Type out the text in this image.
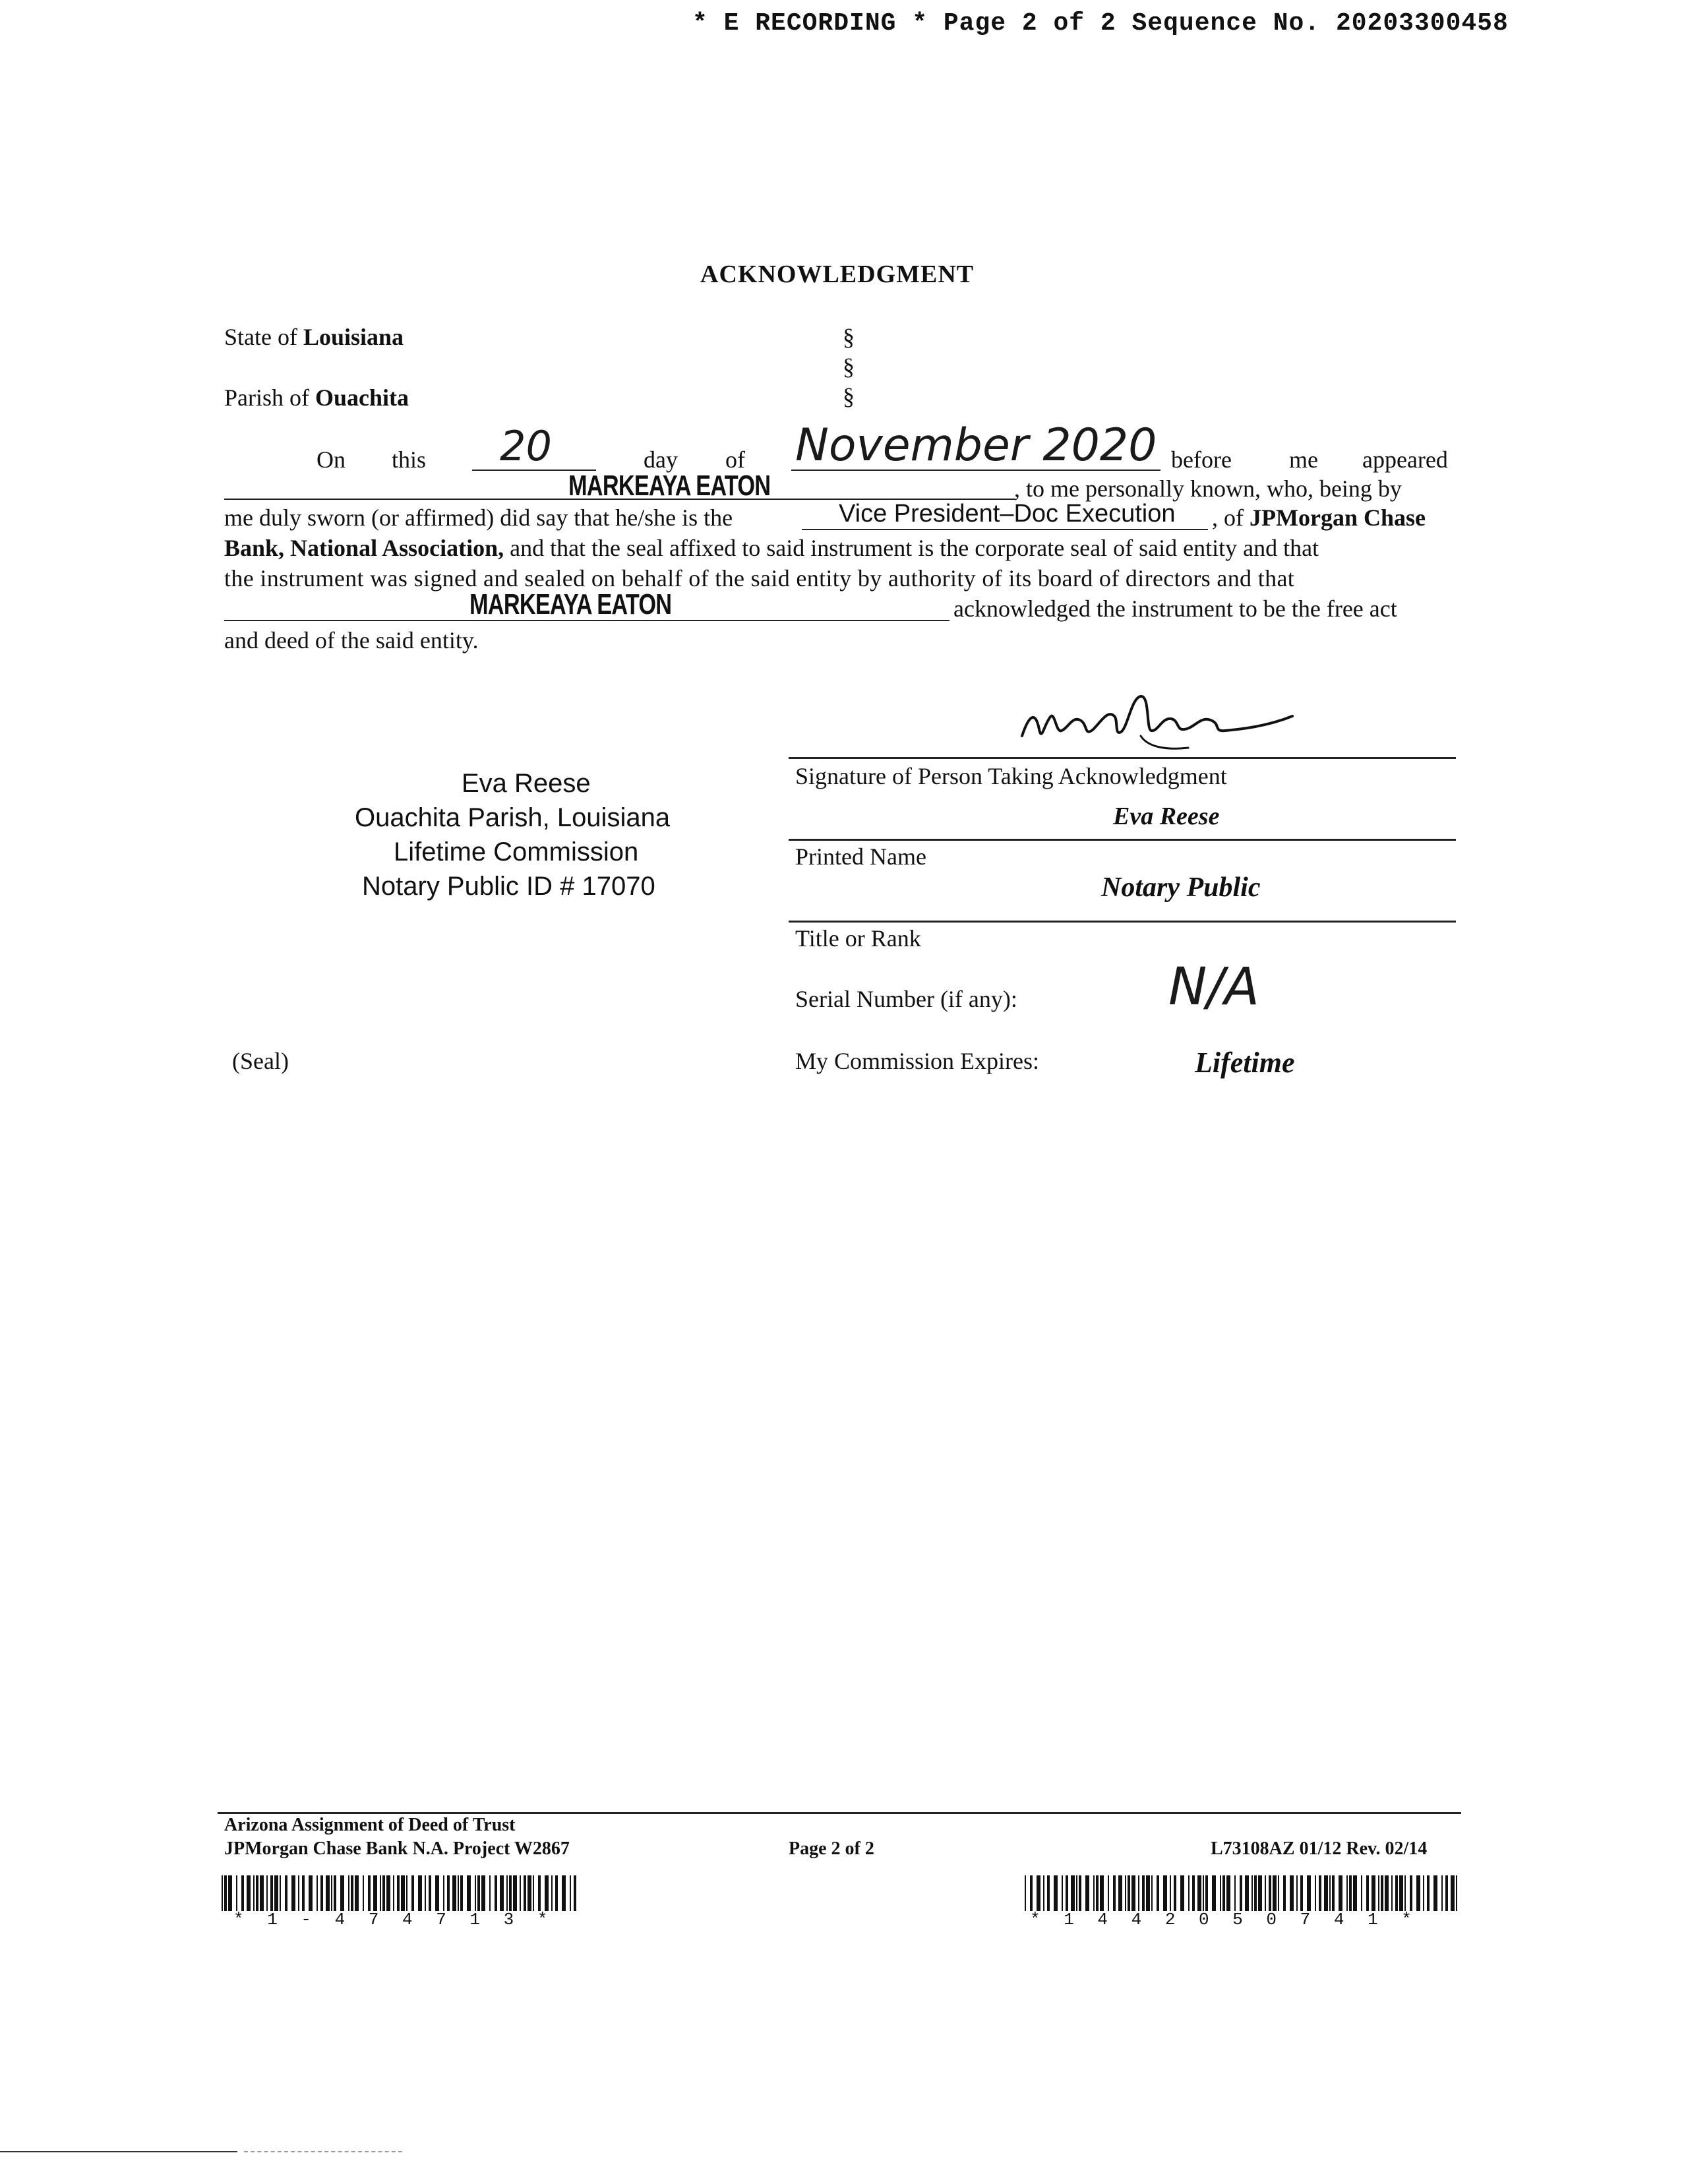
* E RECORDING * Page 2 of 2 Sequence No. 20203300458
ACKNOWLEDGMENT
State of Louisiana
Parish of Ouachita
§
§
§
On this 20	day of November 2020 before me appeared
MARKEAYA EATON	, to me personally known, who, being by
me duly sworn (or affirmed) did say that he/she is the	Vice President–Doc Execution , of JPMorgan Chase
Bank, National Association, and that the seal affixed to said instrument is the corporate seal of said entity and that
the instrument was signed and sealed on behalf of the said entity by authority of its board of directors and that
MARKEAYA EATON	acknowledged the instrument to be the free act
and deed of the said entity.
Eva Reese
Ouachita Parish, Louisiana
Lifetime Commission
Notary Public ID # 17070
Signature of Person Taking Acknowledgment
Eva Reese
Printed Name
Notary Public
Title or Rank
Serial Number (if any):	N/A
My Commission Expires:	Lifetime
(Seal)
Arizona Assignment of Deed of Trust
JPMorgan Chase Bank N.A. Project W2867	Page 2 of 2	L73108AZ 01/12 Rev. 02/14
* 1 - 4 7 4 7 1 3 *	* 1 4 4 2 0 5 0 7 4 1 *
